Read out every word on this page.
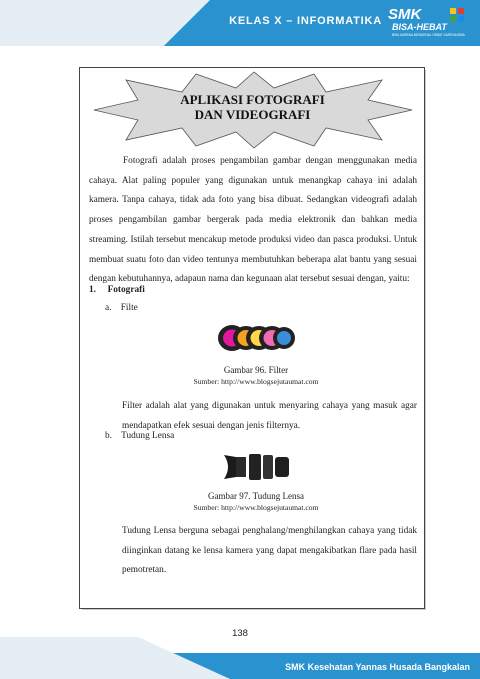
KELAS X – INFORMATIKA SMK
BISA-HEBAT
BISA KARENA MENGENAL HEBAT KARENA BISA
APLIKASI FOTOGRAFI
DAN VIDEOGRAFI
Fotografi adalah proses pengambilan gambar dengan menggunakan media cahaya. Alat paling populer yang digunakan untuk menangkap cahaya ini adalah kamera. Tanpa cahaya, tidak ada foto yang bisa dibuat. Sedangkan videografi adalah proses pengambilan gambar bergerak pada media elektronik dan bahkan media streaming. Istilah tersebut mencakup metode produksi video dan pasca produksi. Untuk membuat suatu foto dan video tentunya membutuhkan beberapa alat bantu yang sesuai dengan kebutuhannya, adapaun nama dan kegunaan alat tersebut sesuai dengan, yaitu:
1. Fotografi
a. Filte
Gambar 96. Filter
Sumber: http://www.blogsejutaumat.com
Filter adalah alat yang digunakan untuk menyaring cahaya yang masuk agar mendapatkan efek sesuai dengan jenis filternya.
b. Tudung Lensa
Gambar 97. Tudung Lensa
Sumber: http://www.blogsejutaumat.com
Tudung Lensa berguna sebagai penghalang/menghilangkan cahaya yang tidak diinginkan datang ke lensa kamera yang dapat mengakibatkan flare pada hasil pemotretan.
138
SMK Kesehatan Yannas Husada Bangkalan
